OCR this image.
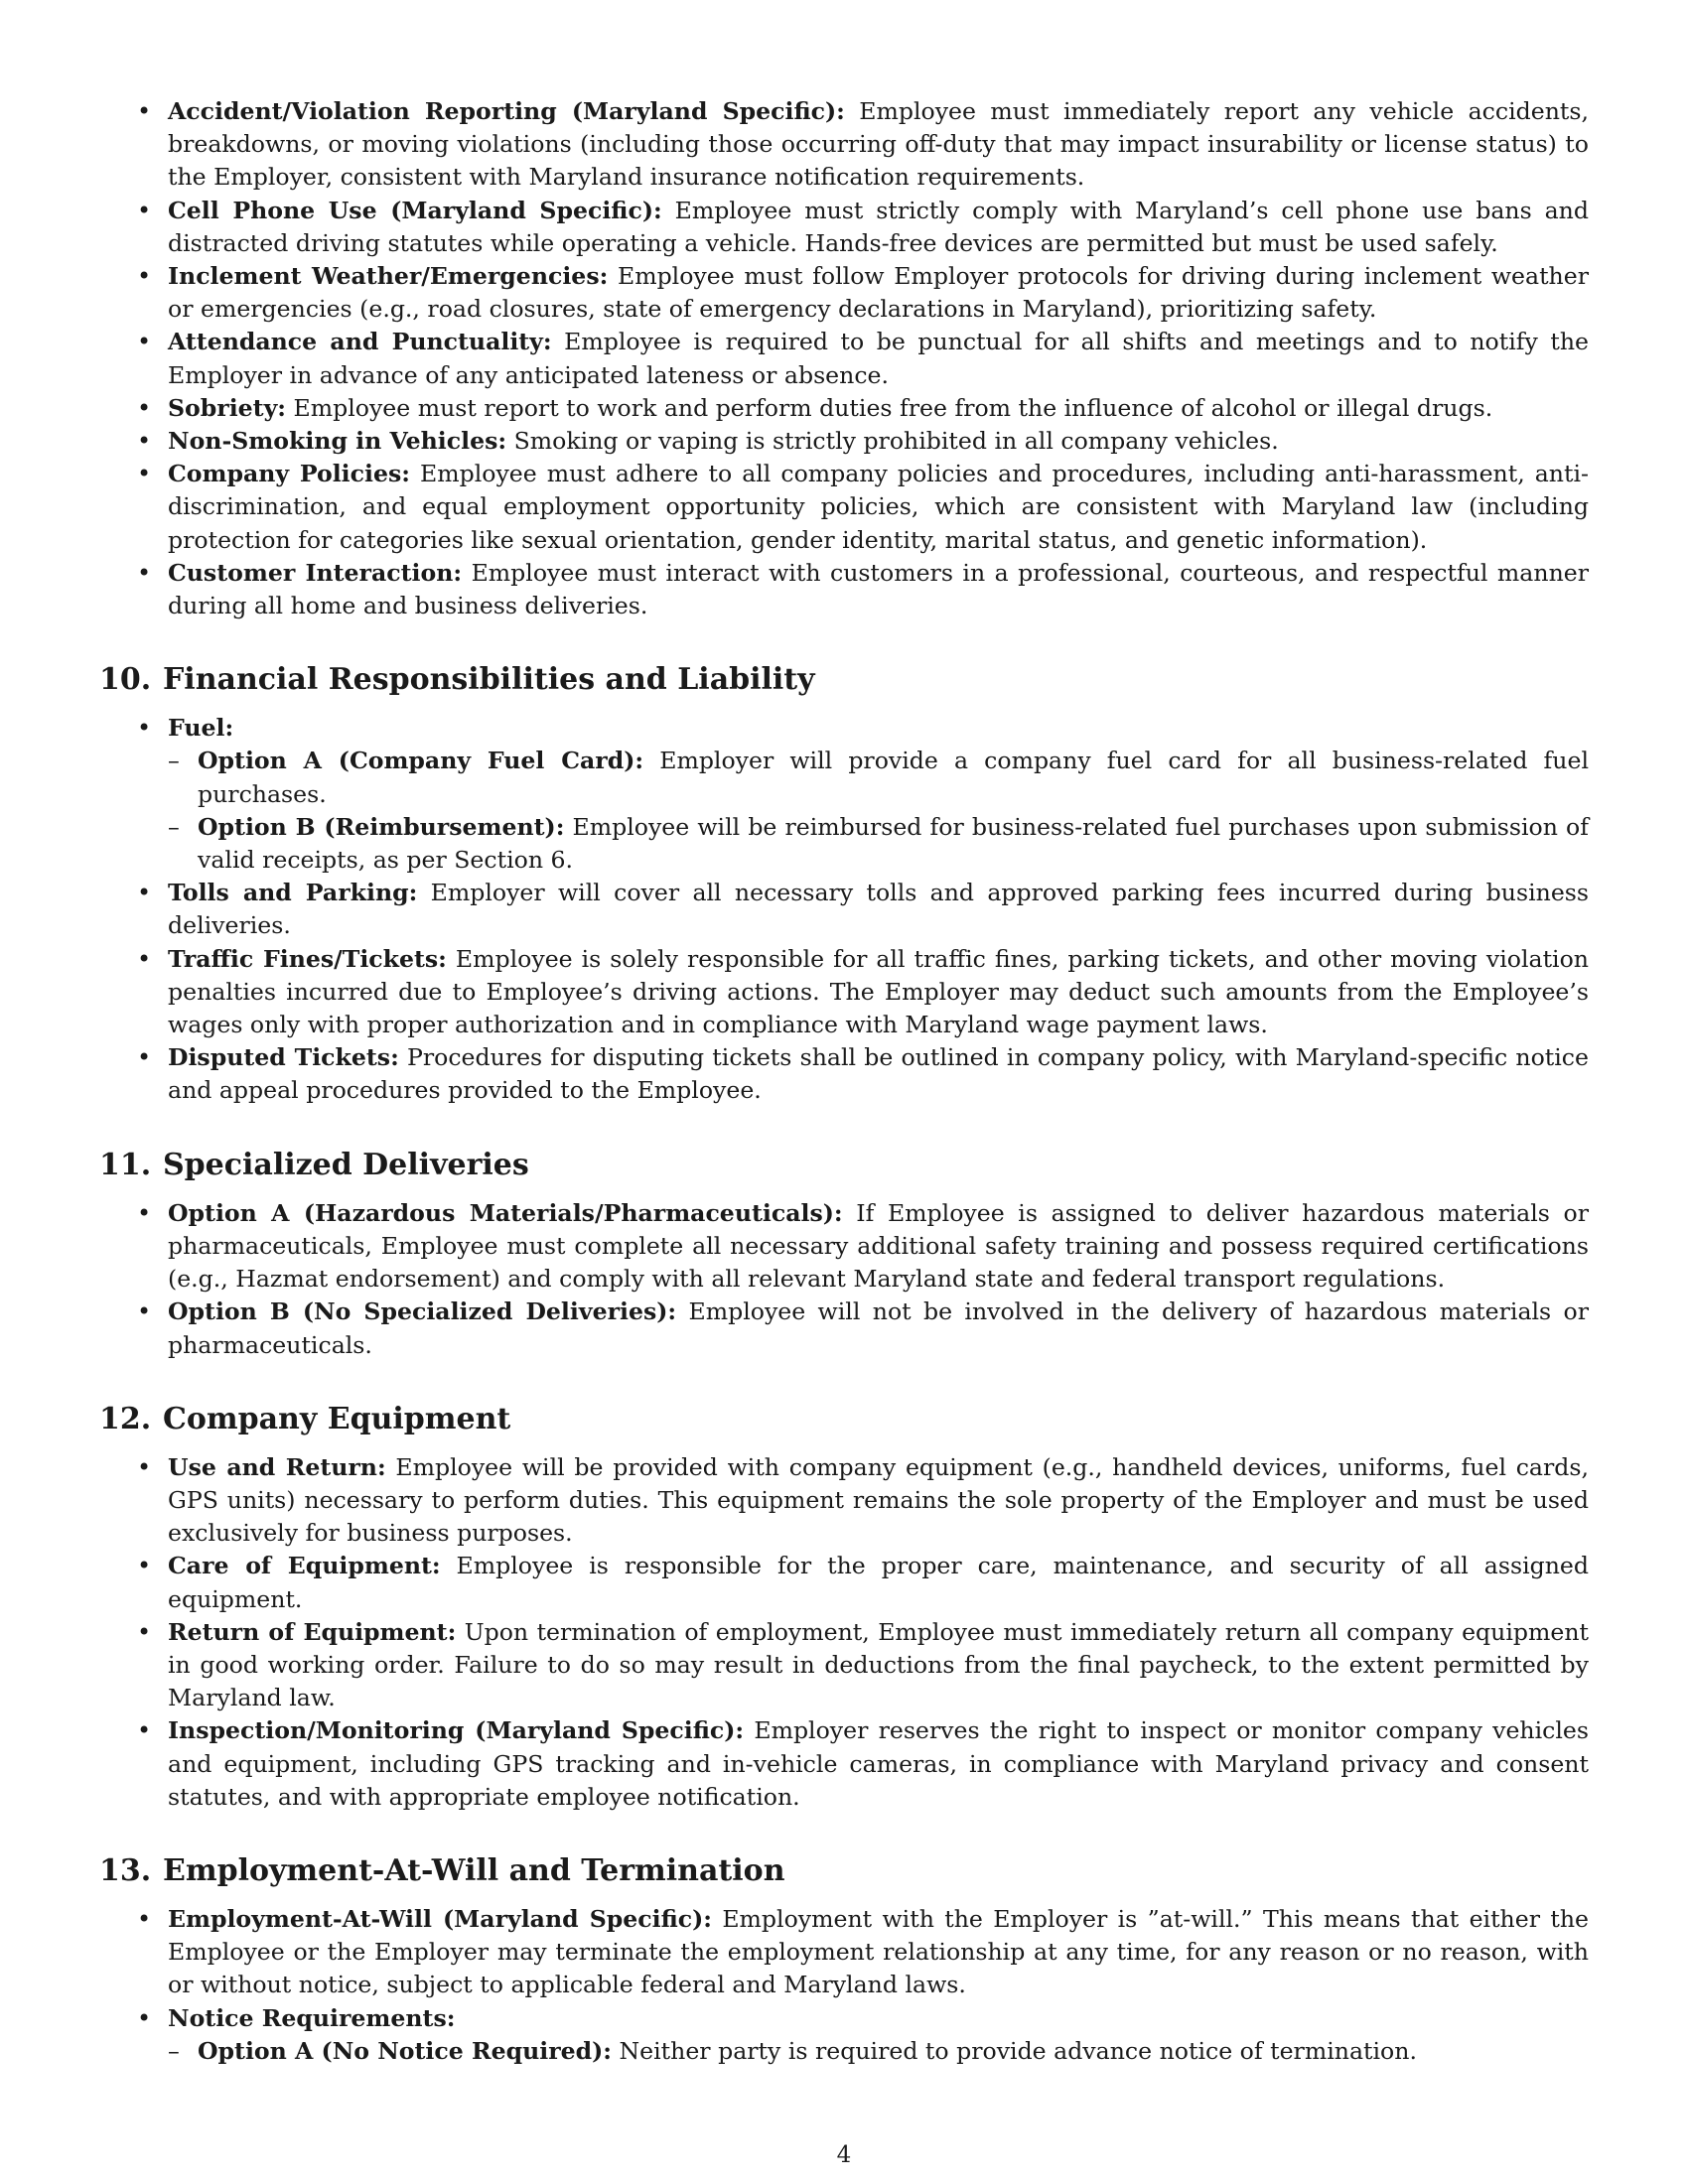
• Accident/Violation Reporting (Maryland Specific): Employee must immediately report any vehicle accidents, breakdowns, or moving violations (including those occurring off-duty that may impact insurability or license status) to the Employer, consistent with Maryland insurance notification requirements.
• Cell Phone Use (Maryland Specific): Employee must strictly comply with Maryland’s cell phone use bans and distracted driving statutes while operating a vehicle. Hands-free devices are permitted but must be used safely.
• Inclement Weather/Emergencies: Employee must follow Employer protocols for driving during inclement weather or emergencies (e.g., road closures, state of emergency declarations in Maryland), prioritizing safety.
• Attendance and Punctuality: Employee is required to be punctual for all shifts and meetings and to notify the Employer in advance of any anticipated lateness or absence.
• Sobriety: Employee must report to work and perform duties free from the influence of alcohol or illegal drugs.
• Non-Smoking in Vehicles: Smoking or vaping is strictly prohibited in all company vehicles.
• Company Policies: Employee must adhere to all company policies and procedures, including anti-harassment, anti-discrimination, and equal employment opportunity policies, which are consistent with Maryland law (including protection for categories like sexual orientation, gender identity, marital status, and genetic information).
• Customer Interaction: Employee must interact with customers in a professional, courteous, and respectful manner during all home and business deliveries.
10. Financial Responsibilities and Liability
• Fuel:
– Option A (Company Fuel Card): Employer will provide a company fuel card for all business-related fuel purchases.
– Option B (Reimbursement): Employee will be reimbursed for business-related fuel purchases upon submission of valid receipts, as per Section 6.
• Tolls and Parking: Employer will cover all necessary tolls and approved parking fees incurred during business deliveries.
• Traffic Fines/Tickets: Employee is solely responsible for all traffic fines, parking tickets, and other moving violation penalties incurred due to Employee’s driving actions. The Employer may deduct such amounts from the Employee’s wages only with proper authorization and in compliance with Maryland wage payment laws.
• Disputed Tickets: Procedures for disputing tickets shall be outlined in company policy, with Maryland-specific notice and appeal procedures provided to the Employee.
11. Specialized Deliveries
• Option A (Hazardous Materials/Pharmaceuticals): If Employee is assigned to deliver hazardous materials or pharmaceuticals, Employee must complete all necessary additional safety training and possess required certifications (e.g., Hazmat endorsement) and comply with all relevant Maryland state and federal transport regulations.
• Option B (No Specialized Deliveries): Employee will not be involved in the delivery of hazardous materials or pharmaceuticals.
12. Company Equipment
• Use and Return: Employee will be provided with company equipment (e.g., handheld devices, uniforms, fuel cards, GPS units) necessary to perform duties. This equipment remains the sole property of the Employer and must be used exclusively for business purposes.
• Care of Equipment: Employee is responsible for the proper care, maintenance, and security of all assigned equipment.
• Return of Equipment: Upon termination of employment, Employee must immediately return all company equipment in good working order. Failure to do so may result in deductions from the final paycheck, to the extent permitted by Maryland law.
• Inspection/Monitoring (Maryland Specific): Employer reserves the right to inspect or monitor company vehicles and equipment, including GPS tracking and in-vehicle cameras, in compliance with Maryland privacy and consent statutes, and with appropriate employee notification.
13. Employment-At-Will and Termination
• Employment-At-Will (Maryland Specific): Employment with the Employer is ”at-will.” This means that either the Employee or the Employer may terminate the employment relationship at any time, for any reason or no reason, with or without notice, subject to applicable federal and Maryland laws.
• Notice Requirements:
– Option A (No Notice Required): Neither party is required to provide advance notice of termination.
4
